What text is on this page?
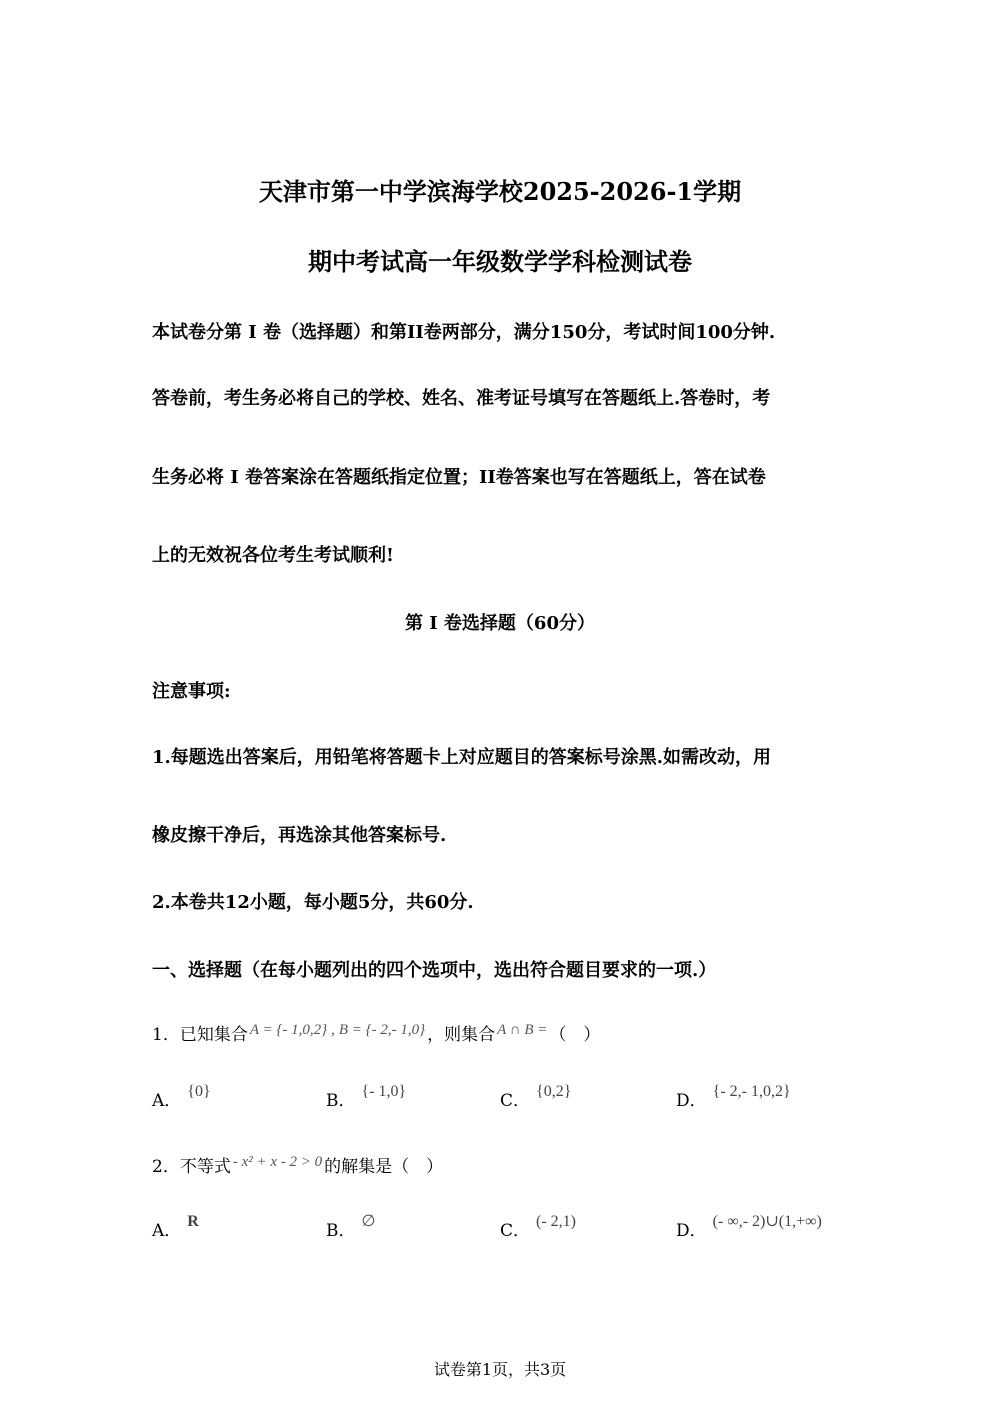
天津市第一中学滨海学校2025-2026-1学期
期中考试高一年级数学学科检测试卷
本试卷分第 I 卷（选择题）和第II卷两部分，满分150分，考试时间100分钟.
答卷前，考生务必将自己的学校、姓名、准考证号填写在答题纸上.答卷时，考
生务必将 I 卷答案涂在答题纸指定位置；II卷答案也写在答题纸上，答在试卷
上的无效祝各位考生考试顺利!
第 I 卷选择题（60分）
注意事项:
1.每题选出答案后，用铅笔将答题卡上对应题目的答案标号涂黑.如需改动，用
橡皮擦干净后，再选涂其他答案标号.
2.本卷共12小题，每小题5分，共60分.
一、选择题（在每小题列出的四个选项中，选出符合题目要求的一项.）
1．已知集合 A = {- 1,0,2} , B = {- 2,- 1,0} ，则集合 A ∩ B = （　）
A． {0}	B． {- 1,0}	C． {0,2}	D． {- 2,- 1,0,2}
2．不等式 - x² + x - 2 > 0 的解集是（　）
A． R	B． ∅	C． (- 2,1)	D． (- ∞,- 2)∪(1,+∞)
试卷第1页，共3页
